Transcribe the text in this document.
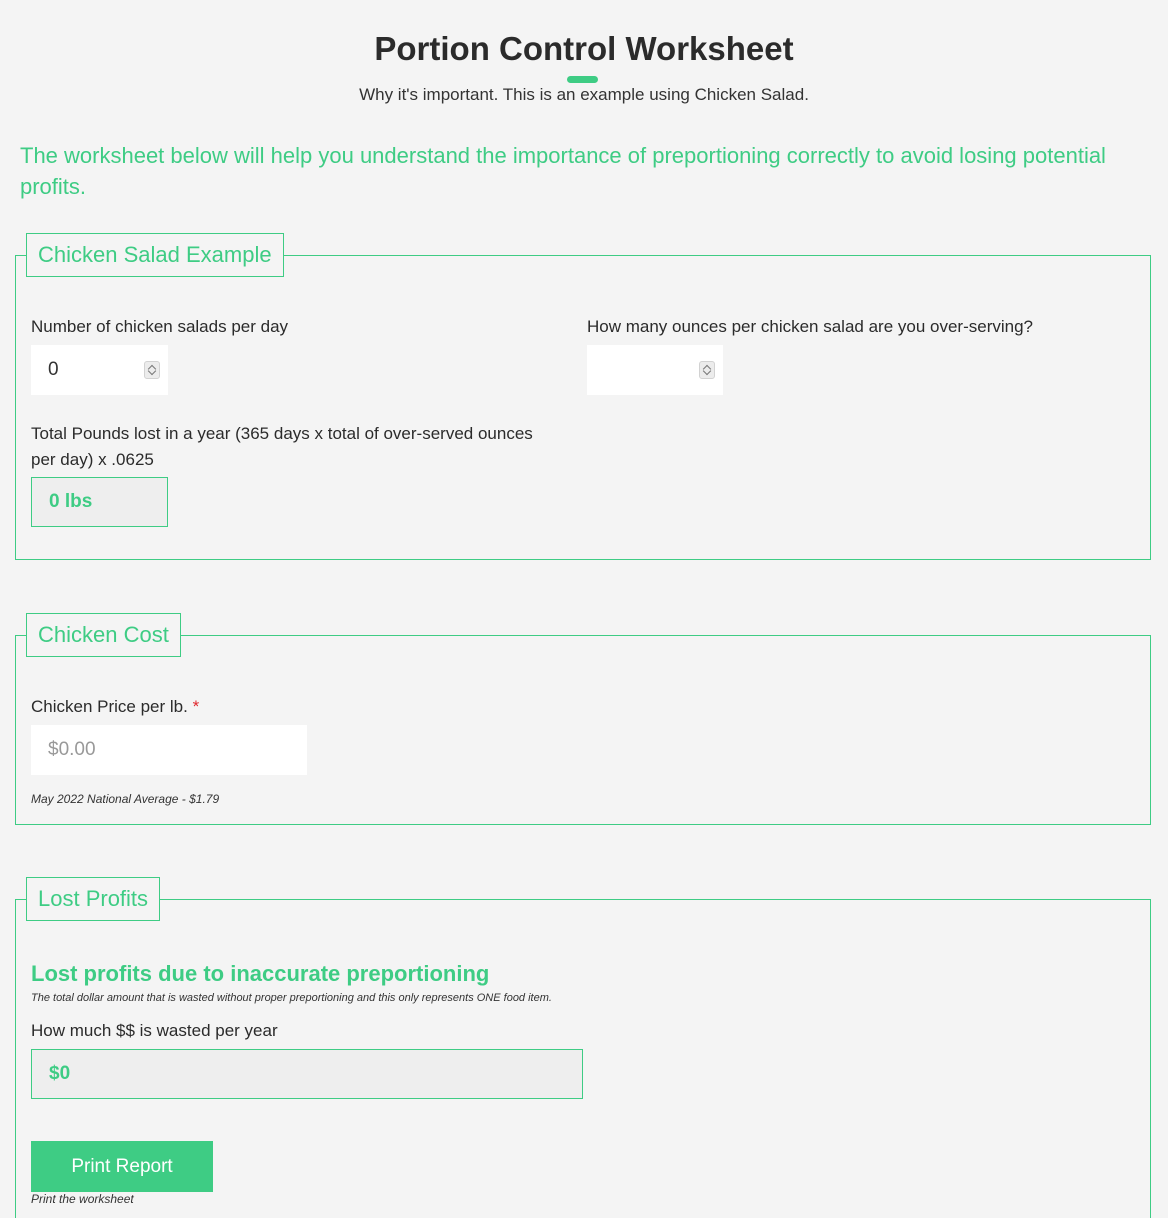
Portion Control Worksheet

Why it's important. This is an example using Chicken Salad.

The worksheet below will help you understand the importance of preportioning correctly to avoid losing potential profits.

Chicken Salad Example
Number of chicken salads per day
0
How many ounces per chicken salad are you over-serving?
Total Pounds lost in a year (365 days x total of over-served ounces per day) x .0625
0 lbs
Chicken Cost
Chicken Price per lb. *
$0.00

May 2022 National Average - $1.79

Lost Profits
Lost profits due to inaccurate preportioning

The total dollar amount that is wasted without proper preportioning and this only represents ONE food item.

How much $$ is wasted per year
$0
Print Report

Print the worksheet
